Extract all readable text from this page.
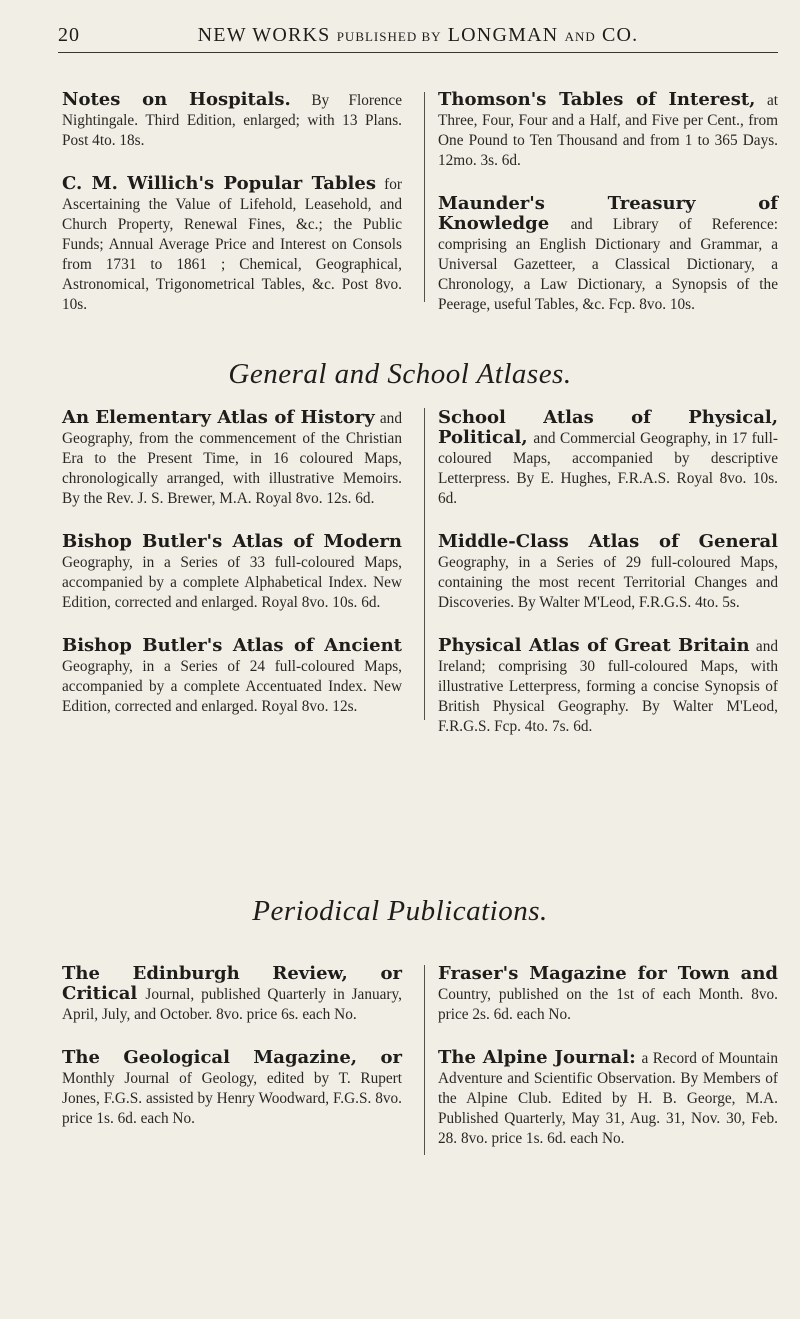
20	NEW WORKS PUBLISHED BY LONGMAN AND CO.
Notes on Hospitals. By Florence Nightingale. Third Edition, enlarged; with 13 Plans. Post 4to. 18s.
C. M. Willich's Popular Tables for Ascertaining the Value of Lifehold, Leasehold, and Church Property, Renewal Fines, &c.; the Public Funds; Annual Average Price and Interest on Consols from 1731 to 1861 ; Chemical, Geographical, Astronomical, Trigonometrical Tables, &c. Post 8vo. 10s.
Thomson's Tables of Interest, at Three, Four, Four and a Half, and Five per Cent., from One Pound to Ten Thousand and from 1 to 365 Days. 12mo. 3s. 6d.
Maunder's Treasury of Knowledge and Library of Reference: comprising an English Dictionary and Grammar, a Universal Gazetteer, a Classical Dictionary, a Chronology, a Law Dictionary, a Synopsis of the Peerage, useful Tables, &c. Fcp. 8vo. 10s.
General and School Atlases.
An Elementary Atlas of History and Geography, from the commencement of the Christian Era to the Present Time, in 16 coloured Maps, chronologically arranged, with illustrative Memoirs. By the Rev. J. S. Brewer, M.A. Royal 8vo. 12s. 6d.
Bishop Butler's Atlas of Modern Geography, in a Series of 33 full-coloured Maps, accompanied by a complete Alphabetical Index. New Edition, corrected and enlarged. Royal 8vo. 10s. 6d.
Bishop Butler's Atlas of Ancient Geography, in a Series of 24 full-coloured Maps, accompanied by a complete Accentuated Index. New Edition, corrected and enlarged. Royal 8vo. 12s.
School Atlas of Physical, Political, and Commercial Geography, in 17 full-coloured Maps, accompanied by descriptive Letterpress. By E. Hughes, F.R.A.S. Royal 8vo. 10s. 6d.
Middle-Class Atlas of General Geography, in a Series of 29 full-coloured Maps, containing the most recent Territorial Changes and Discoveries. By Walter M'Leod, F.R.G.S. 4to. 5s.
Physical Atlas of Great Britain and Ireland; comprising 30 full-coloured Maps, with illustrative Letterpress, forming a concise Synopsis of British Physical Geography. By Walter M'Leod, F.R.G.S. Fcp. 4to. 7s. 6d.
Periodical Publications.
The Edinburgh Review, or Critical Journal, published Quarterly in January, April, July, and October. 8vo. price 6s. each No.
The Geological Magazine, or Monthly Journal of Geology, edited by T. Rupert Jones, F.G.S. assisted by Henry Woodward, F.G.S. 8vo. price 1s. 6d. each No.
Fraser's Magazine for Town and Country, published on the 1st of each Month. 8vo. price 2s. 6d. each No.
The Alpine Journal: a Record of Mountain Adventure and Scientific Observation. By Members of the Alpine Club. Edited by H. B. George, M.A. Published Quarterly, May 31, Aug. 31, Nov. 30, Feb. 28. 8vo. price 1s. 6d. each No.
